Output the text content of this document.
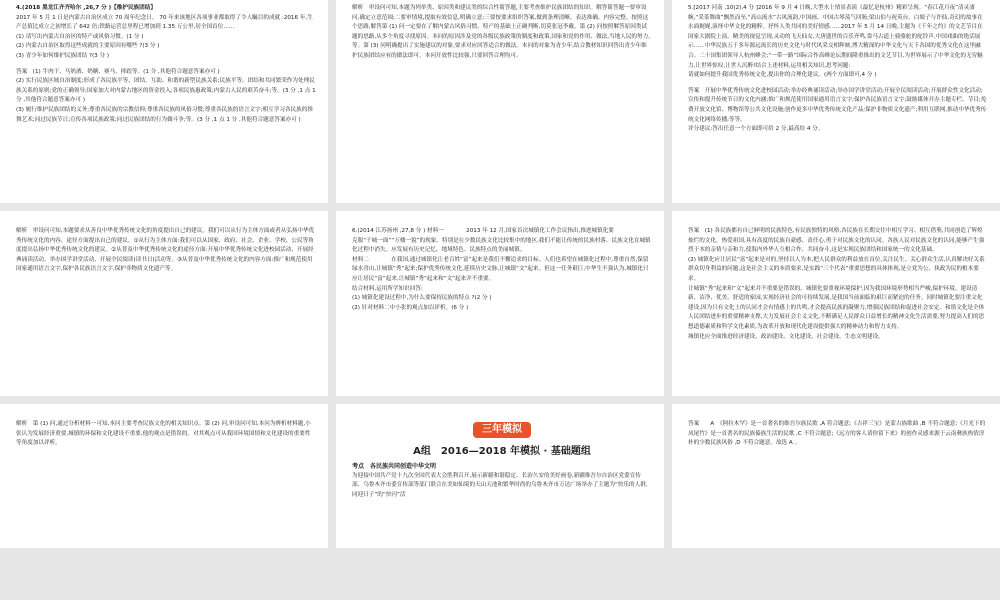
4.(2018 黑龙江齐齐哈尔 ,26,7 分 )【维护民族团结】

2017 年 5 月 1 日是内蒙古自治区成立 70 周年纪念日。 70 年来该地区各项事业都取得了令人瞩目的成就 :2016 年,生产总值比成立之初增长了 642 倍;铁路运营总里程已增加到 1.35 万公里,居全国首位……

(1) 请写出内蒙古自治区的特产或风俗习惯。(1 分 )

(2) 内蒙古自治区取得这些成就的主要原因有哪些 ?(3 分 )

(3) 青少年如何维护民族团结 ?(3 分 )

答案　(1) 牛肉干、马奶酒、奶糖、赛马、摔跤等。(1 分 ,其他符合题意答案亦可 )

(2) 实行民族区域自治制度;形成了各民族平等、团结、互助、和谐的新型民族关系;民族平等、团结和共同繁荣作为处理民族关系的原则;党的正确领导;国家加大对内蒙古地区的资金投入;各项民族惠政策;内蒙古人民的艰苦奋斗;等。(3 分 ,1 点 1 分 ,其他符合题意答案亦可 )

(3) 履行维护民族团结的义务;尊重各民族的宗教信仰;尊重各民族的风俗习惯;尊重各民族的语言文字;相互学习各民族的推舞艺术;同过民族节日;宣传各项民族政策;同过民族团结的行为做斗争;等。(3 分 ,1 点 1 分 ,其他符合题意答案亦可 )

解析　审设问可知,本题为列举类、原因类和建议类的综合性简答题,主要考查维护民族团结的知识。解答简答题一要审设问,确定立意范围;二要审情境,提取有效信息,明确立意;三要按要求组织答案,做到条理清晰、表达准确、内容完整。按照这个思路,解答第 (1) 问一定要在了解内蒙古风俗习惯、特产的基础上正确判断,切莫张冠李戴。第 (2) 问按照解答原因类试题的思路,从多个角度寻找原因。本问的原因涉及党的各级民族政策的制度和政策,国家和党的作用、做法,当地人民的努力,等。第 (3) 问明确提出了实施建议的对象,要求对应回答适合的做法。本问的对象为青少年,结合教材知识回答出青少年维护民族团结应有的做法即可。本问开放性比较强,只要回答合理均可。

5.[2017 河南 ,10(2),4 分 ]2016 年 9 月 4 日晚,大型水上情景表演《最忆是杭州》精彩呈现。“春江花月夜”清灵凄婉,“采茶舞曲”飘然而至,“高山流水”古风流韵,中国画、中国古琴荡气回肠;梁山伯与祝英台、白娘子与许仙,奇幻的故事在水面娓娓,演绎中华文化的精粹。抒怀人类共同的美好情感……2017 年 5 月 14 日晚,主题为《千年之约》的文艺节目在国家大剧院上演。精美的视觉呈现,灵动的飞天仙女,大唐盛世的百乐齐鸣,靠马古道上骑骆驼的驼铃声,中国戏曲的绝活展示……中华民族五千多年源远流长的历史文化与时代风采交相辉映,博大精深的中华文化与天下各国的优秀文化在这里融合。二十国集团领导人杭州峰会;“一带一路”国际合作高峰论坛期间隆重推出的文艺节目,为世界展示了中华文化的无穷魅力,让世界惊叹,让世人沉醉!结合上述材料,运用相关知识,思考问题:

请就如何提升我国优秀传统文化,提出你的合理化建议。(两个方面即可,4 分 )

答案　开展中华优秀传统文化进校园活动;举办经典诵读活动;举办国学讲堂活动;开展全民阅读活动;开展群众性文化活动;宣传和提升传统节日的文化内涵;推广和规范使用国家通用语言文字;保护各民族语言文字;鼓励媒体开办主题专栏、节目;免费开放文化馆、博物馆等公共文化设施;创作更多中华优秀传统文化产品;保护非物质文化遗产;利用互联网,推动中华优秀传统文化网络传播;等等。

评分建议:答出任意一个方面即可给 2 分,最高给 4 分。

解析　审设问可知,本题要求从善良中华优秀传统文化的角度提出自己的建议。我们可以从行为主体方面或者从弘扬中华优秀传统文化的内容、途径方面提出自己的建议。①从行为主体方面:我们可以从国家、政府、社会、企业、学校、公民等角度提出弘扬中华优秀传统文化的建议。②从普及中华优秀传统文化的途径方面:开展中华优秀传统文化进校园活动、开展经典诵读活动、举办国学讲堂活动、开展全民阅读(读书日)活动等。③从普及中华优秀传统文化的内容方面:推广和规范使用国家通用语言文字,保护各民族语言文字,保护非物质文化遗产等。

6.(2014 江苏扬州 ,27,8 分 ) 材料一　　　　2013 年 12 月,国家首次城镇化工作会议指出,推进城镇化要

克服“千城一面”“万楼一貌”的现象。特别是在少数民族文化比较集中的地区,我们不能让传统的民族村落、民族文化在城镇化过程中消失。应发展有历史记忆、地域特色、民族特点的美丽城镇。

材料二　　　　在我国,通过城镇化让老百姓“富”起来是我们不懈追求的目标。人们也希望在城镇化过程中,尊重自然,保留绿水青山,让城镇“秀”起来;保护优秀传统文化,延续历史文脉,让城镇“文”起来。但这一任务艰巨,中华生不强认为,城镇化只应让居民“富”起来,让城镇“秀”起来和“文”起来并不重要。

结合材料,运用所学知识回答:

(1) 城镇化建设过程中,为什么要保持民族的特点 ?(2 分 )

(2) 针对材料二中小张的观点加以评析。(6 分 )

答案　(1) 各民族都有自己鲜明的民族特色,有民族独特的风格,各民族在长期交往中相互学习、相互借鉴,共同创造了辉煌灿烂的文化。热爱祖国,具有高度的民族自豪感、责任心,勇于对民族文化的认同。各族人民对民族文化的认同,能够产生强烈于本的亲情与亲和力,使海内外华人互相合作、共同奋斗,这是实现民族团结和国家统一的文化基础。

(2) 城镇化应让居民“富”起来是对的,坚持以人为本,把人民群众的利益放在首位,关注民生、关心群众生活,认真解决好关系群众切身利益的问题,这是社会主义的本质要求,是实践“三个代表”重要思想的具体体现,是立党为公、执政为民的根本要求。

让城镇“秀”起来和“文”起来并不重要是错误的。城镇化要重视环境保护,因为我国环境形势相当严峻,保护环境、建设清新、洁净、优美、舒适的家园,实现经济社会的可持续发展,是我国当前面临的艰巨而紧迫的任务。同时城镇化要注重文化建设,因为只有文化上的认同才会有情感上的共鸣,才会提高民族的凝聚力,增强民族团结和促进社会安定。和谐文化是全体人民团结进步的重要精神支撑,大力发展社会主义文化,不断满足人民群众日益增长的精神文化生活需要,努力提高人们的思想道德素质和科学文化素质,为改革开放和现代化建设提供强大的精神动力和智力支持。

城镇化应全面推进经济建设、政治建设、文化建设、社会建设、生态文明建设。

解析　第 (1) 问,通过分析材料一可知,本问主要考查民族文化的相关知识点。第 (2) 问,审设问可知,本问为辨析材料题,小张认为发展经济重要,城镇的环保和文化建设不重要,他的观点是错误的。对其观点可从我国环境国情和文化建设的重要性等角度加以评析。

三年模拟
A组　2016—2018 年模拟 · 基础题组

考点　各民族共同创造中华文明

为迎接中国共产党十九次全国代表大会胜利召开,展示新疆和谐稳定、长治久安的美好画卷,新疆维吾尔自治区党委宣传部、乌鲁木齐市委宣传部等部门联合在美如仙境的天山天池和繁华时尚的乌鲁木齐市万达广场举办了主题为“快乐的人群,同迎日子”的“快闪”活

答案　　A　《阿拉木罕》是一首著名的维吾尔族民歌 ,A 符合题意;《吉祥三宝》是蒙古族歌曲 ,B 不符合题意;《月光下的凤尾竹》是一首著名的民族傣族生活的民歌 ,C 不符合题意;《远方的客人请你留下来》的创作灵感来源于云南彝族热情淳朴的少数民族风俗 ,D 不符合题意。故选 A 。
